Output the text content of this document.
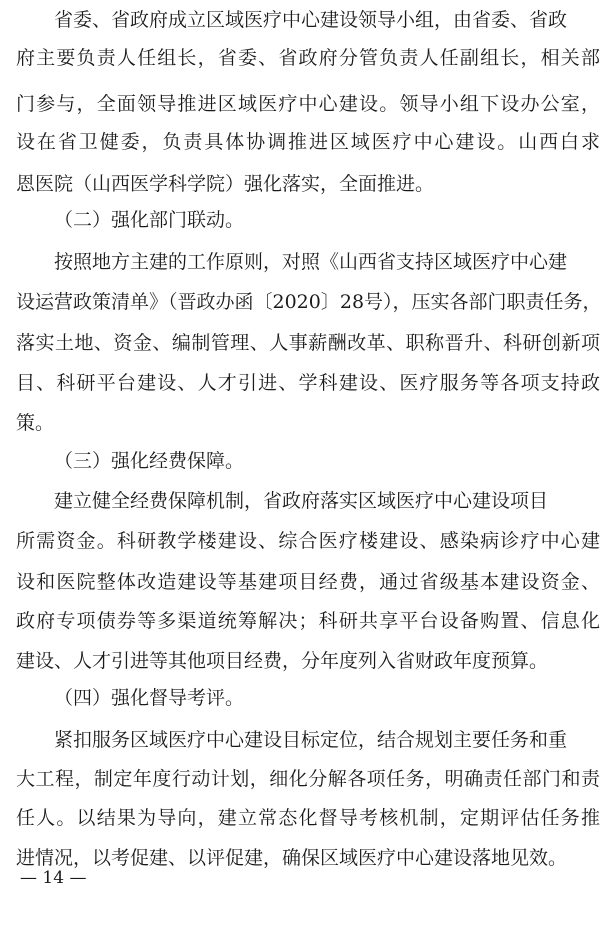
省委、省政府成立区域医疗中心建设领导小组，由省委、省政
府主要负责人任组长，省委、省政府分管负责人任副组长，相关部
门参与，全面领导推进区域医疗中心建设。领导小组下设办公室，
设在省卫健委，负责具体协调推进区域医疗中心建设。山西白求
恩医院（山西医学科学院）强化落实，全面推进。
（二）强化部门联动。
按照地方主建的工作原则，对照《山西省支持区域医疗中心建
设运营政策清单》（晋政办函〔2020〕28号），压实各部门职责任务，
落实土地、资金、编制管理、人事薪酬改革、职称晋升、科研创新项
目、科研平台建设、人才引进、学科建设、医疗服务等各项支持政
策。
（三）强化经费保障。
建立健全经费保障机制，省政府落实区域医疗中心建设项目
所需资金。科研教学楼建设、综合医疗楼建设、感染病诊疗中心建
设和医院整体改造建设等基建项目经费，通过省级基本建设资金、
政府专项债券等多渠道统筹解决；科研共享平台设备购置、信息化
建设、人才引进等其他项目经费，分年度列入省财政年度预算。
（四）强化督导考评。
紧扣服务区域医疗中心建设目标定位，结合规划主要任务和重
大工程，制定年度行动计划，细化分解各项任务，明确责任部门和责
任人。以结果为导向，建立常态化督导考核机制，定期评估任务推
进情况，以考促建、以评促建，确保区域医疗中心建设落地见效。
— 14 —
